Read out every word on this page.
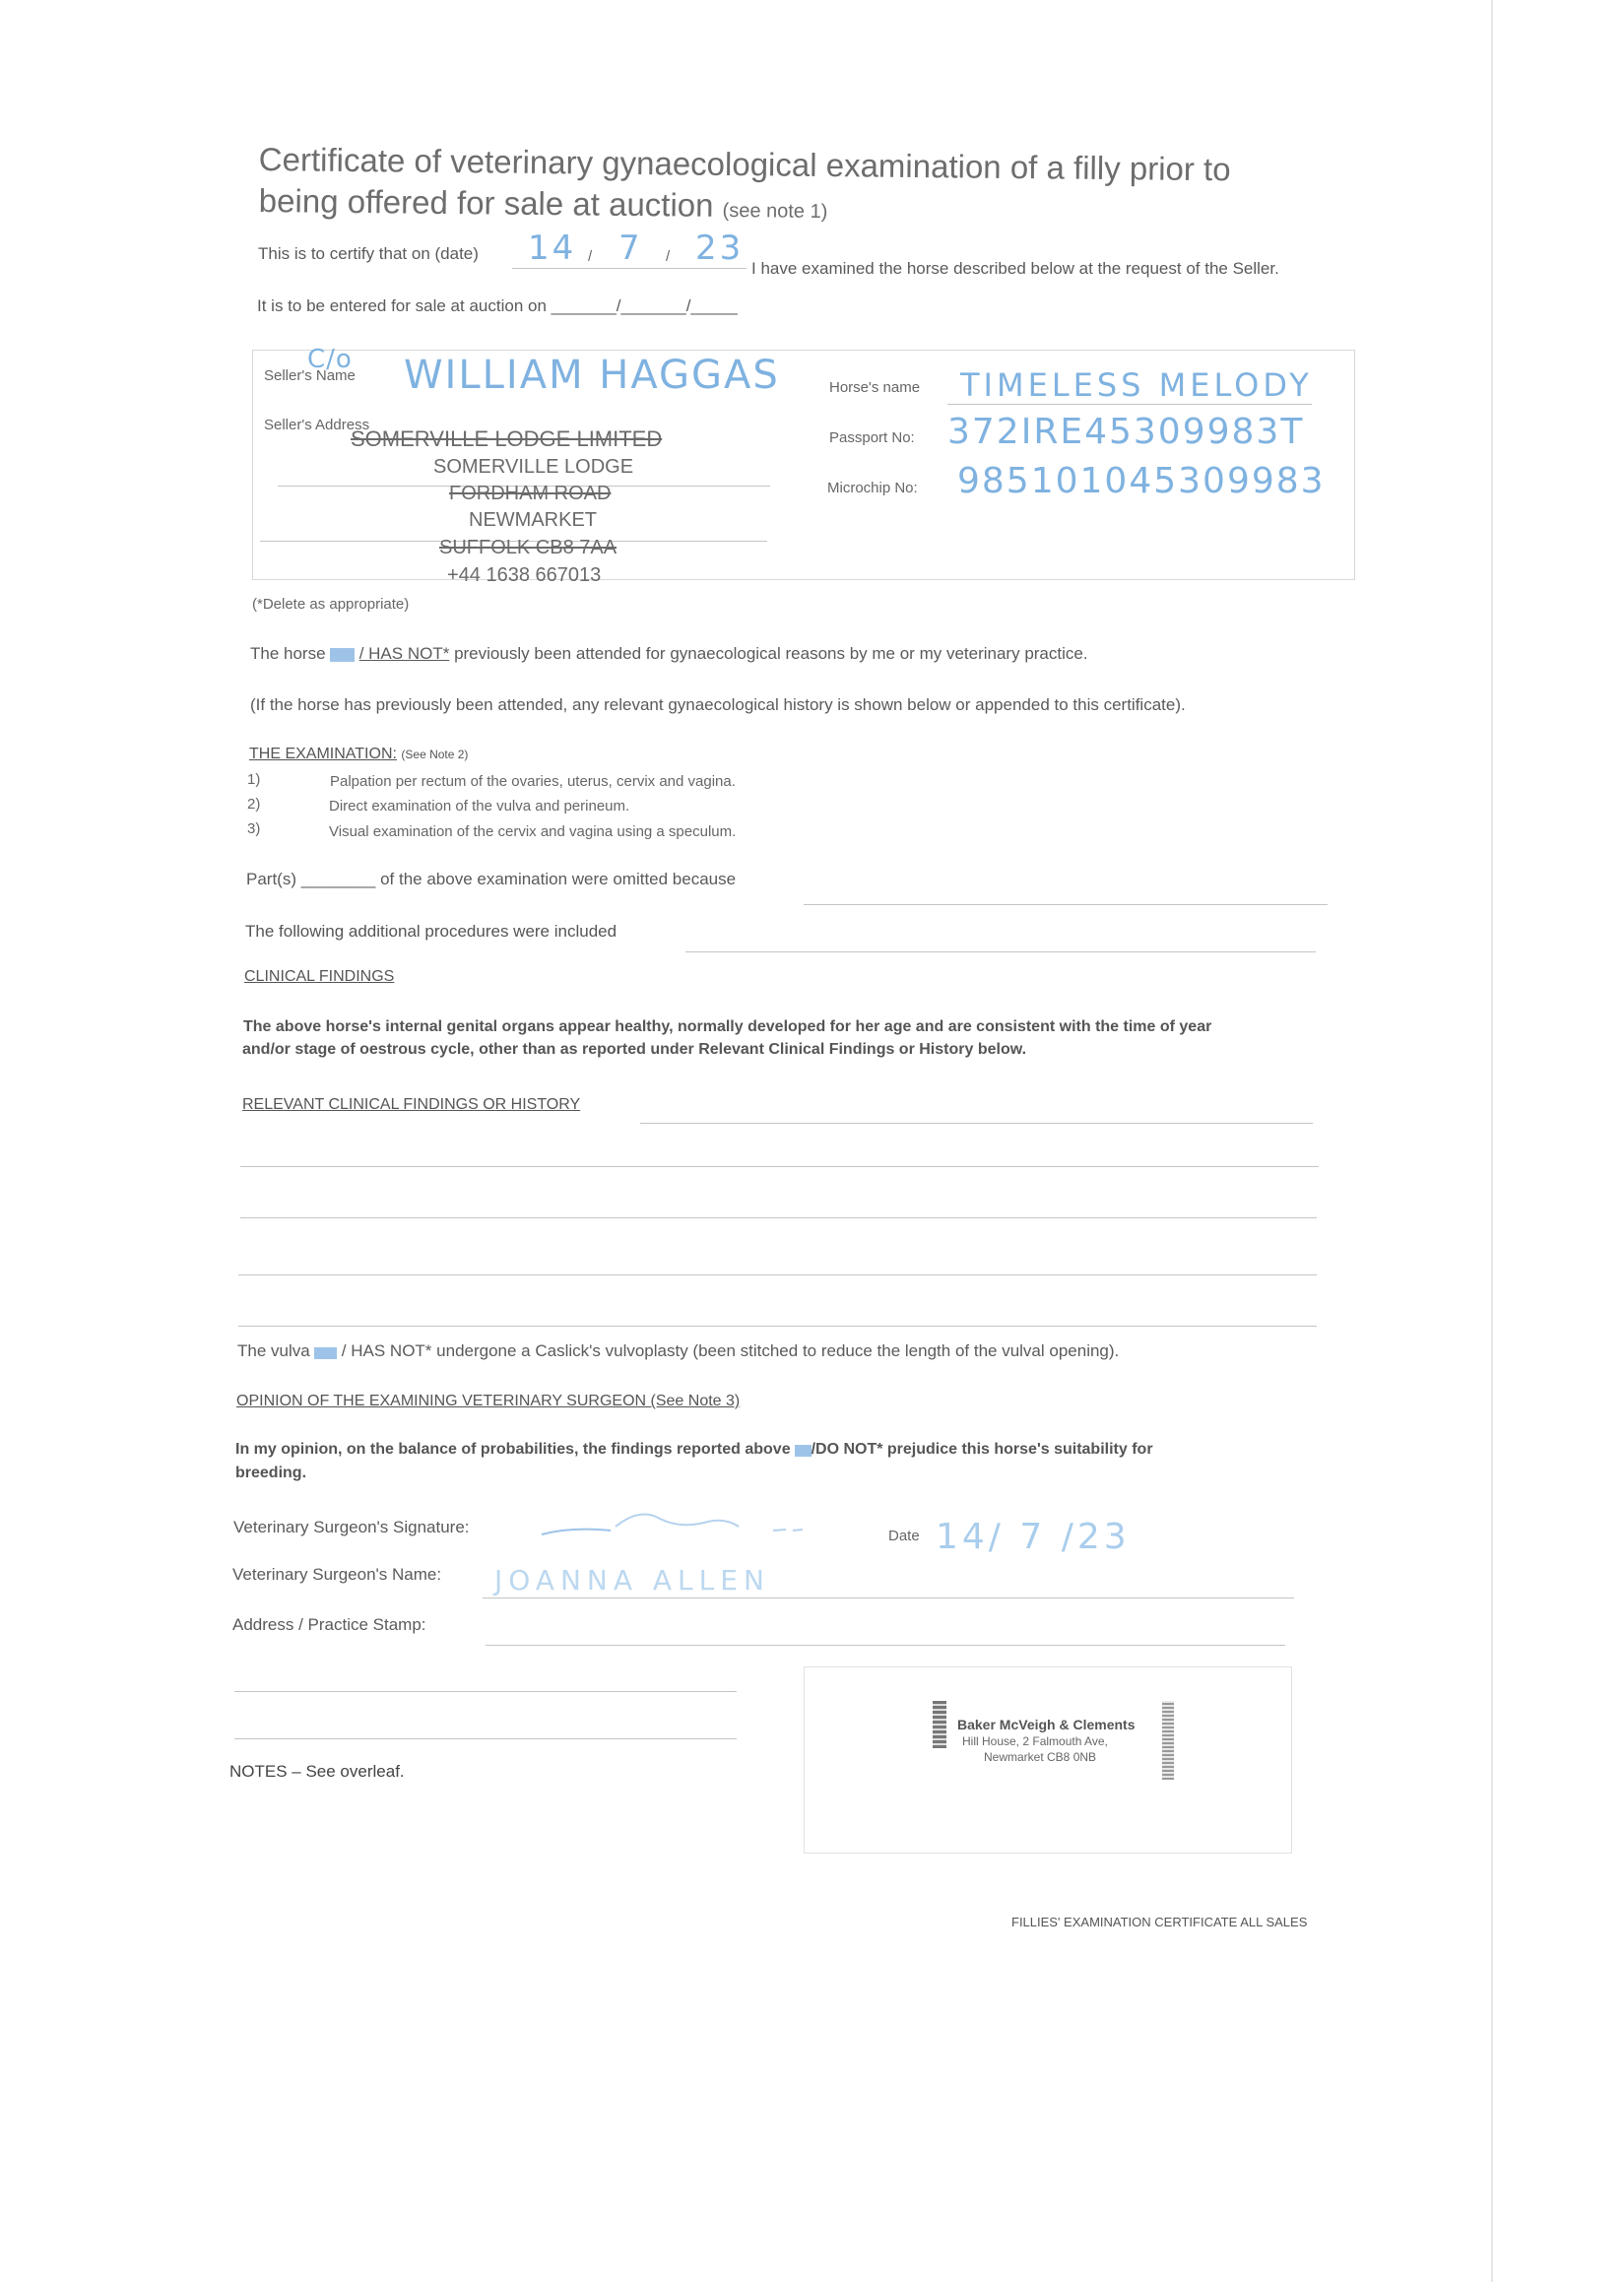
Certificate of veterinary gynaecological examination of a filly prior to
being offered for sale at auction (see note 1)
This is to certify that on (date) 14 / 7 / 23
I have examined the horse described below at the request of the Seller.
It is to be entered for sale at auction on _______/_______/_____
Seller's Name
C/o WILLIAM HAGGAS
Seller's Address
SOMERVILLE LODGE LIMITED
SOMERVILLE LODGE
FORDHAM ROAD
NEWMARKET
SUFFOLK CB8 7AA
+44 1638 667013
Horse's name TIMELESS MELODY
Passport No: 372IRE45309983T
Microchip No: 985101045309983
(*Delete as appropriate)
The horse HAS / HAS NOT* previously been attended for gynaecological reasons by me or my veterinary practice.
(If the horse has previously been attended, any relevant gynaecological history is shown below or appended to this certificate).
THE EXAMINATION: (See Note 2)
1)	Palpation per rectum of the ovaries, uterus, cervix and vagina.
2)	Direct examination of the vulva and perineum.
3)	Visual examination of the cervix and vagina using a speculum.
Part(s) ________ of the above examination were omitted because
The following additional procedures were included
CLINICAL FINDINGS
The above horse's internal genital organs appear healthy, normally developed for her age and are consistent with the time of year
and/or stage of oestrous cycle, other than as reported under Relevant Clinical Findings or History below.
RELEVANT CLINICAL FINDINGS OR HISTORY
The vulva HAS / HAS NOT* undergone a Caslick's vulvoplasty (been stitched to reduce the length of the vulval opening).
OPINION OF THE EXAMINING VETERINARY SURGEON (See Note 3)
In my opinion, on the balance of probabilities, the findings reported above DO/DO NOT* prejudice this horse's suitability for
breeding.
Veterinary Surgeon's Signature:	Date 14/ 7 /23
Veterinary Surgeon's Name: JOANNA ALLEN
Address / Practice Stamp:
Baker McVeigh & Clements
Hill House, 2 Falmouth Ave,
Newmarket CB8 0NB
NOTES – See overleaf.
FILLIES' EXAMINATION CERTIFICATE ALL SALES
